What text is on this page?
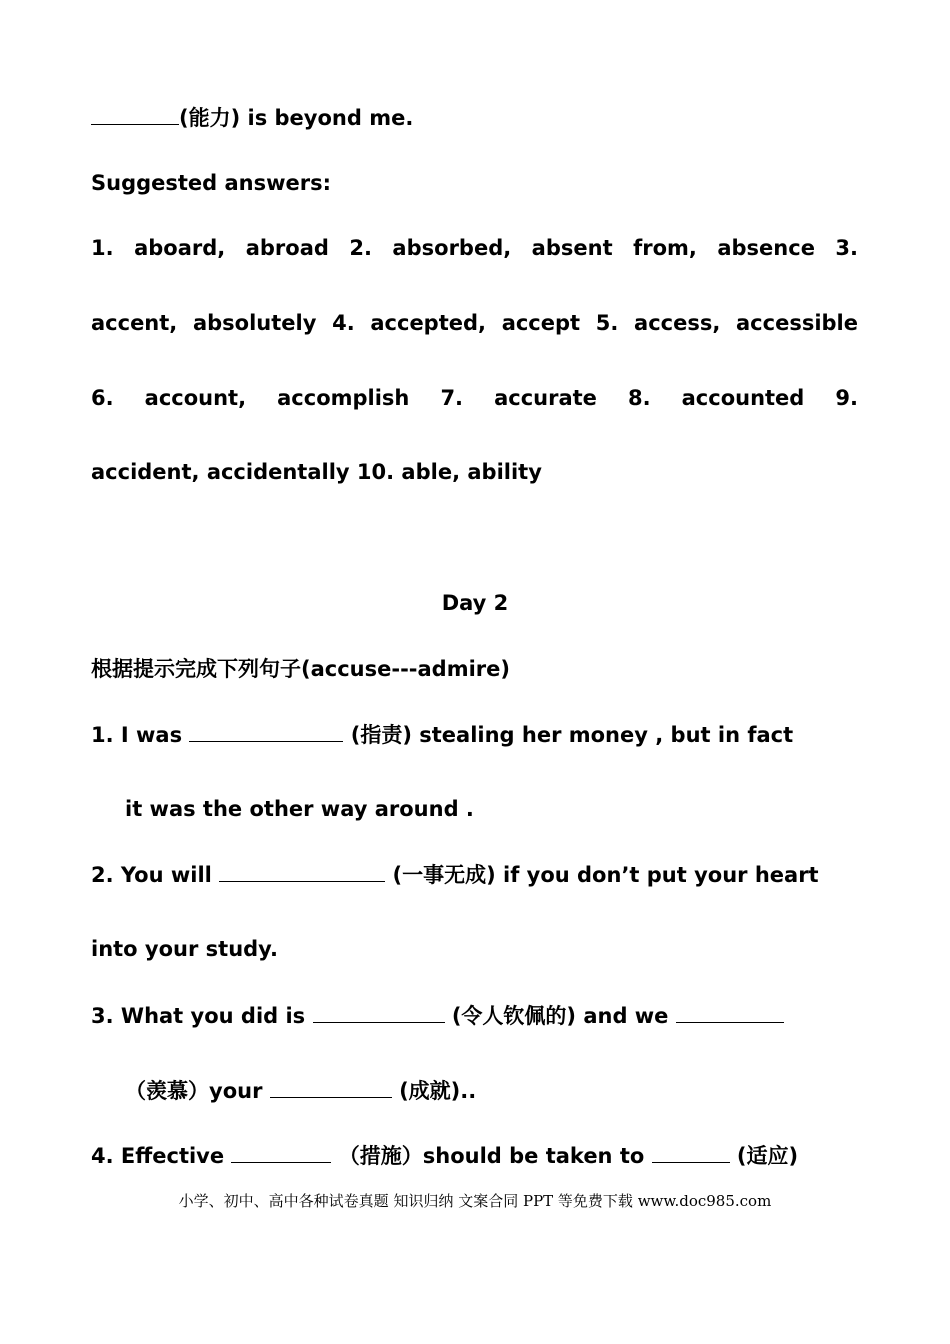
(能力) is beyond me.
Suggested answers:
1. aboard, abroad 2. absorbed, absent from, absence 3.
accent, absolutely 4. accepted, accept 5. access, accessible
6. account, accomplish 7. accurate 8. accounted 9.
accident, accidentally 10. able, ability
Day 2
根据提示完成下列句子(accuse---admire)
1. I was	(指责) stealing her money , but in fact
it was the other way around .
2. You will	(一事无成) if you don’t put your heart
into your study.
3. What you did is	(令人钦佩的) and we
（羡慕）your	(成就)..
4. Effective	（措施）should be taken to	(适应)
小学、初中、高中各种试卷真题 知识归纳 文案合同 PPT 等免费下载 www.doc985.com
